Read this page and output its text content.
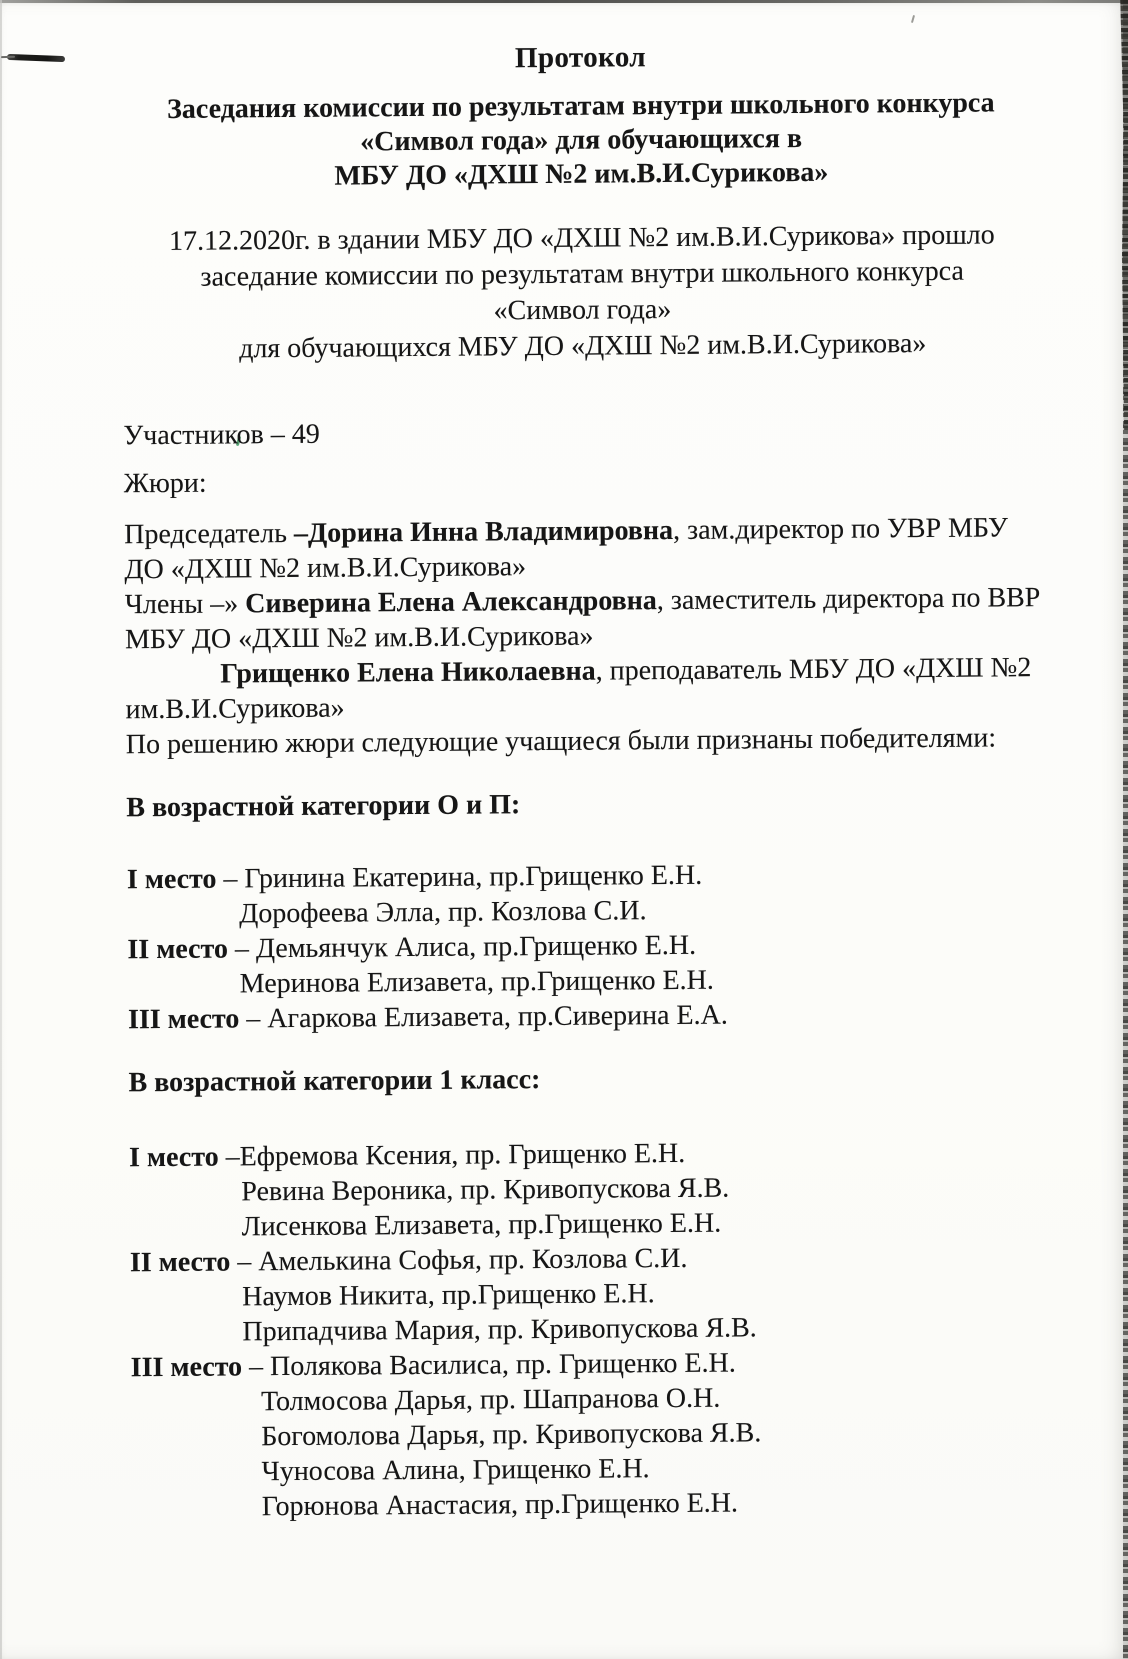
Протокол
Заседания комиссии по результатам внутри школьного конкурса
«Символ года» для обучающихся в
МБУ ДО «ДХШ №2 им.В.И.Сурикова»
17.12.2020г. в здании МБУ ДО «ДХШ №2 им.В.И.Сурикова» прошло
заседание комиссии по результатам внутри школьного конкурса
«Символ года»
для обучающихся МБУ ДО «ДХШ №2 им.В.И.Сурикова»
Участников – 49
Жюри:
Председатель –Дорина Инна Владимировна, зам.директор по УВР МБУ
ДО «ДХШ №2 им.В.И.Сурикова»
Члены –» Сиверина Елена Александровна, заместитель директора по ВВР
МБУ ДО «ДХШ №2 им.В.И.Сурикова»
Грищенко Елена Николаевна, преподаватель МБУ ДО «ДХШ №2
им.В.И.Сурикова»
По решению жюри следующие учащиеся были признаны победителями:
В возрастной категории О и П:
I место – Гринина Екатерина, пр.Грищенко Е.Н.
Дорофеева Элла, пр. Козлова С.И.
II место – Демьянчук Алиса, пр.Грищенко Е.Н.
Меринова Елизавета, пр.Грищенко Е.Н.
III место – Агаркова Елизавета, пр.Сиверина Е.А.
В возрастной категории 1 класс:
I место –Ефремова Ксения, пр. Грищенко Е.Н.
Ревина Вероника, пр. Кривопускова Я.В.
Лисенкова Елизавета, пр.Грищенко Е.Н.
II место – Амелькина Софья, пр. Козлова С.И.
Наумов Никита, пр.Грищенко Е.Н.
Припадчива Мария, пр. Кривопускова Я.В.
III место – Полякова Василиса, пр. Грищенко Е.Н.
Толмосова Дарья, пр. Шапранова О.Н.
Богомолова Дарья, пр. Кривопускова Я.В.
Чуносова Алина, Грищенко Е.Н.
Горюнова Анастасия, пр.Грищенко Е.Н.
